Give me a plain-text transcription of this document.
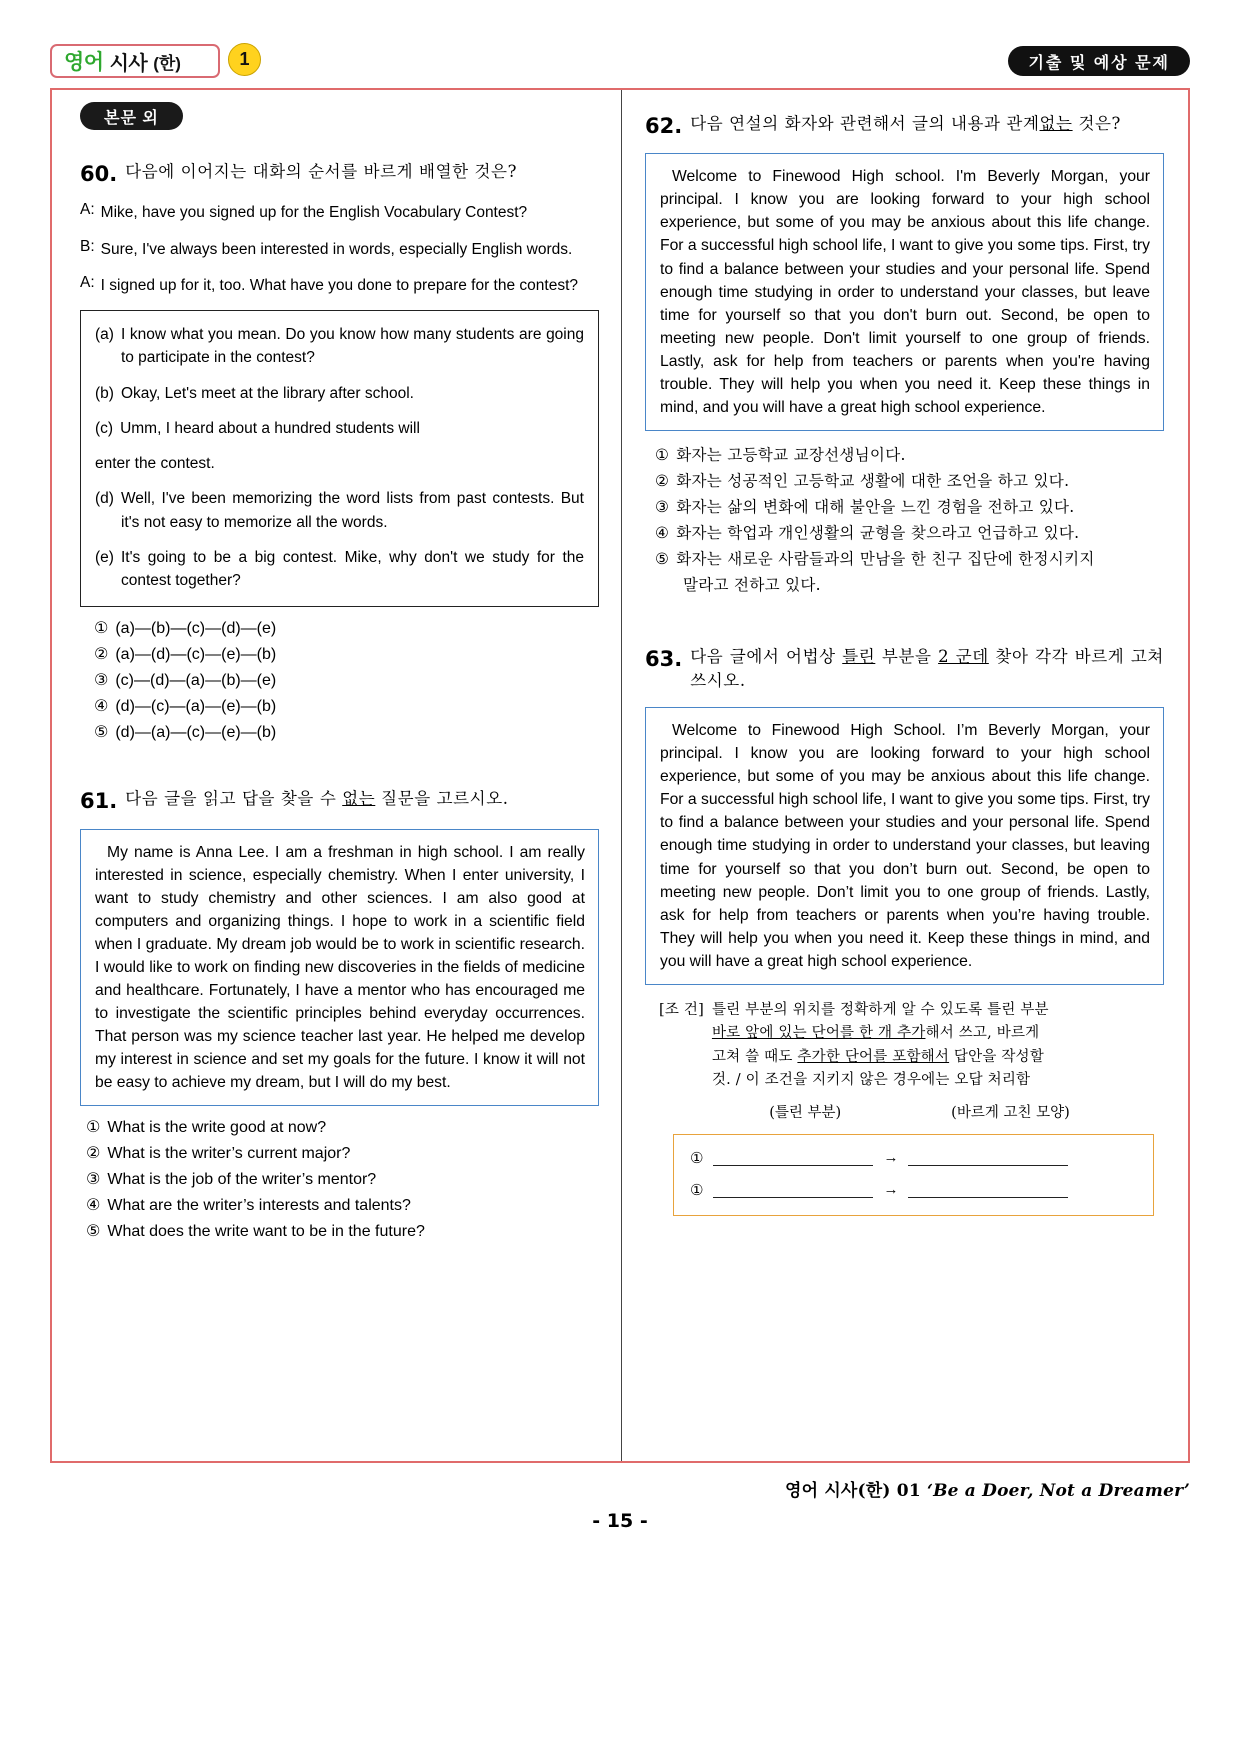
영어 시사 (한)	1	기출 및 예상 문제
본문 외
60. 다음에 이어지는 대화의 순서를 바르게 배열한 것은?
A: Mike, have you signed up for the English Vocabulary Contest?
B: Sure, I've always been interested in words, especially English words.
A: I signed up for it, too. What have you done to prepare for the contest?
(a) I know what you mean. Do you know how many students are going to participate in the contest?
(b) Okay, Let's meet at the library after school.
(c) Umm, I heard about a hundred students will
enter the contest.
(d) Well, I've been memorizing the word lists from past contests. But it's not easy to memorize all the words.
(e) It's going to be a big contest. Mike, why don't we study for the contest together?
① (a)—(b)—(c)—(d)—(e)
② (a)—(d)—(c)—(e)—(b)
③ (c)—(d)—(a)—(b)—(e)
④ (d)—(c)—(a)—(e)—(b)
⑤ (d)—(a)—(c)—(e)—(b)
61. 다음 글을 읽고 답을 찾을 수 없는 질문을 고르시오.
My name is Anna Lee. I am a freshman in high school. I am really interested in science, especially chemistry. When I enter university, I want to study chemistry and other sciences. I am also good at computers and organizing things. I hope to work in a scientific field when I graduate. My dream job would be to work in scientific research. I would like to work on finding new discoveries in the fields of medicine and healthcare. Fortunately, I have a mentor who has encouraged me to investigate the scientific principles behind everyday occurrences. That person was my science teacher last year. He helped me develop my interest in science and set my goals for the future. I know it will not be easy to achieve my dream, but I will do my best.
① What is the write good at now?
② What is the writer’s current major?
③ What is the job of the writer’s mentor?
④ What are the writer’s interests and talents?
⑤ What does the write want to be in the future?
62. 다음 연설의 화자와 관련해서 글의 내용과 관계없는 것은?
Welcome to Finewood High school. I'm Beverly Morgan, your principal. I know you are looking forward to your high school experience, but some of you may be anxious about this life change. For a successful high school life, I want to give you some tips. First, try to find a balance between your studies and your personal life. Spend enough time studying in order to understand your classes, but leave time for yourself so that you don't burn out. Second, be open to meeting new people. Don't limit yourself to one group of friends. Lastly, ask for help from teachers or parents when you're having trouble. They will help you when you need it. Keep these things in mind, and you will have a great high school experience.
① 화자는 고등학교 교장선생님이다.
② 화자는 성공적인 고등학교 생활에 대한 조언을 하고 있다.
③ 화자는 삶의 변화에 대해 불안을 느낀 경험을 전하고 있다.
④ 화자는 학업과 개인생활의 균형을 찾으라고 언급하고 있다.
⑤ 화자는 새로운 사람들과의 만남을 한 친구 집단에 한정시키지
말라고 전하고 있다.
63. 다음 글에서 어법상 틀린 부분을 2 군데 찾아 각각 바르게 고쳐 쓰시오.
Welcome to Finewood High School. I’m Beverly Morgan, your principal. I know you are looking forward to your high school experience, but some of you may be anxious about this life change. For a successful high school life, I want to give you some tips. First, try to find a balance between your studies and your personal life. Spend enough time studying in order to understand your classes, but leaving time for yourself so that you don’t burn out. Second, be open to meeting new people. Don’t limit you to one group of friends. Lastly, ask for help from teachers or parents when you’re having trouble. They will help you when you need it. Keep these things in mind, and you will have a great high school experience.
[조 건] 틀린 부분의 위치를 정확하게 알 수 있도록 틀린 부분
바로 앞에 있는 단어를 한 개 추가해서 쓰고, 바르게
고쳐 쓸 때도 추가한 단어를 포함해서 답안을 작성할
것. / 이 조건을 지키지 않은 경우에는 오답 처리함
(틀린 부분)	(바르게 고친 모양)
①	→
①	→
영어 시사(한) 01 ‘Be a Doer, Not a Dreamer’
- 15 -
